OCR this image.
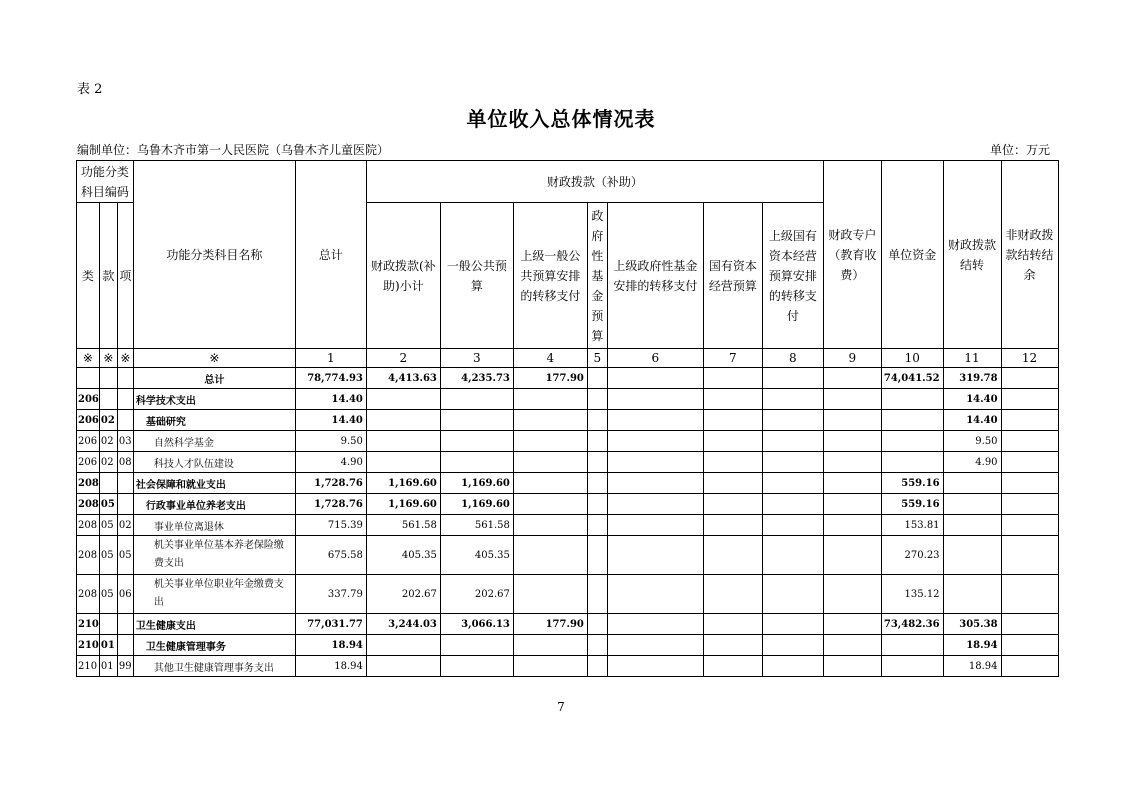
表 2
单位收入总体情况表
编制单位：乌鲁木齐市第一人民医院（乌鲁木齐儿童医院）	单位：万元
功能分类科目编码			功能分类科目名称	总计	财政拨款（补助）							财政专户（教育收费）	单位资金	财政拨款结转	非财政拨款结转结余
类	款	项			财政拨款(补助)小计	一般公共预算	上级一般公共预算安排的转移支付	政府性基金预算	上级政府性基金安排的转移支付	国有资本经营预算	上级国有资本经营预算安排的转移支付				

※	※	※	※	1	2	3	4	5	6	7	8	9	10	11	12
			总计	78,774.93	4,413.63	4,235.73	177.90						74,041.52	319.78	
206			科学技术支出	14.40										14.40	
206	02		基础研究	14.40										14.40	
206	02	03	自然科学基金	9.50										9.50	
206	02	08	科技人才队伍建设	4.90										4.90	
208			社会保障和就业支出	1,728.76	1,169.60	1,169.60							559.16		
208	05		行政事业单位养老支出	1,728.76	1,169.60	1,169.60							559.16		
208	05	02	事业单位离退休	715.39	561.58	561.58							153.81		
208	05	05	机关事业单位基本养老保险缴费支出	675.58	405.35	405.35							270.23		
208	05	06	机关事业单位职业年金缴费支出	337.79	202.67	202.67							135.12		
210			卫生健康支出	77,031.77	3,244.03	3,066.13	177.90						73,482.36	305.38	
210	01		卫生健康管理事务	18.94										18.94	
210	01	99	其他卫生健康管理事务支出	18.94										18.94	
7
